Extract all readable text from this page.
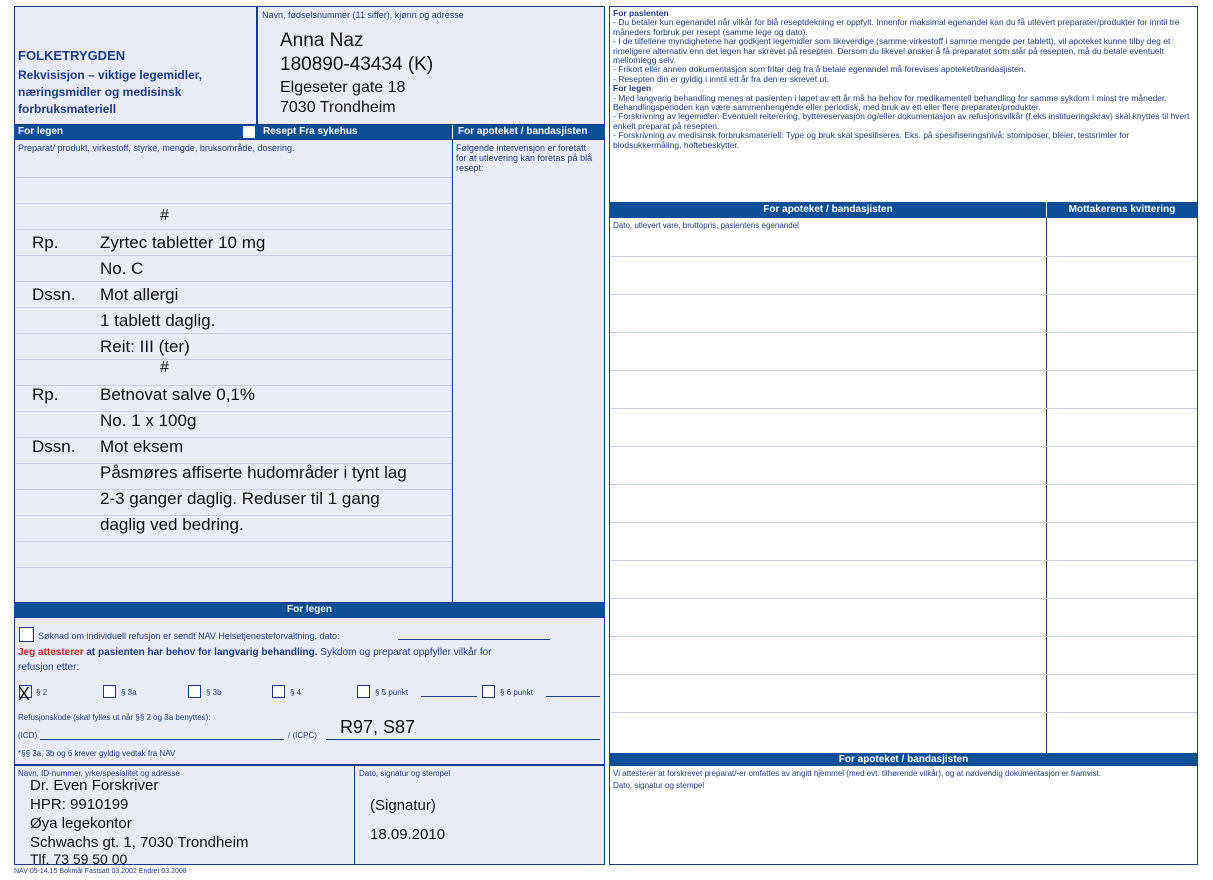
FOLKETRYGDEN
Rekvisisjon – viktige legemidler,
næringsmidler og medisinsk
forbruksmateriell
Navn, fødselsnummer (11 siffer), kjønn og adresse
Anna Naz
180890-43434 (K)
Elgeseter gate 18
7030 Trondheim
For legen	Resept Fra sykehus	For apoteket / bandasjisten
Preparat/ produkt, virkestoff, styrke, mengde, bruksområde, dosering.	Følgende intervensjon er foretatt for at utlevering kan foretas på blå resept:
#
Rp. Zyrtec tabletter 10 mg
No. C
Dssn. Mot allergi
1 tablett daglig.
Reit: III (ter)
#
Rp. Betnovat salve 0,1%
No. 1 x 100g
Dssn. Mot eksem
Påsmøres affiserte hudområder i tynt lag
2-3 ganger daglig. Reduser til 1 gang
daglig ved bedring.
For legen
Søknad om individuell refusjon er sendt NAV Helsetjenesteforvaltning, dato:
Jeg attesterer at pasienten har behov for langvarig behandling. Sykdom og preparat oppfyller vilkår for
refusjon etter:
X § 2	§ 3a	§ 3b	§ 4	§ 5 punkt	§ 6 punkt
Refusjonskode (skal fylles ut når §§ 2 og 3a benyttes):
(ICD)	/ (ICPC) R97, S87
*§§ 3a, 3b og 6 krever gyldig vedtak fra NAV
Navn, ID-nummer, yrke/spesialitet og adresse	Dato, signatur og stempel
Dr. Even Forskriver
HPR: 9910199
Øya legekontor
Schwachs gt. 1, 7030 Trondheim
Tlf. 73 59 50 00
(Signatur)
18.09.2010
NAV 05-14.15 Bokmål Fastsatt 03.2002 Endret 03.2008

For pasienten

- Du betaler kun egenandel når vilkår for blå reseptdekning er oppfylt. Innenfor maksimal egenandel kan du få utlevert preparater/produkter for inntil tre måneders forbruk per resept (samme lege og dato).

- I de tilfellene myndighetene har godkjent legemidler som likeverdige (samme virkestoff i samme mengde per tablett), vil apoteket kunne tilby deg et rimeligere alternativ enn det legen har skrevet på resepten. Dersom du likevel ønsker å få preparatet som står på resepten, må du betale eventuelt mellomlegg selv.

- Frikort eller annen dokumentasjon som fritar deg fra å betale egenandel må forevises apoteket/bandasjisten.

- Resepten din er gyldig i inntil ett år fra den er skrevet ut.

For legen

- Med langvarig behandling menes at pasienten i løpet av ett år må ha behov for medikamentell behandling for samme sykdom i minst tre måneder. Behandlingsperioden kan være sammenhengende eller periodisk, med bruk av ett eller flere preparater/produkter.

- Forskrivning av legemidler: Eventuell reiterering, byttereservasjon og/eller dokumentasjon av refusjonsvilkår (f.eks institueringskrav) skal knyttes til hvert enkelt preparat på resepten.

- Forskrivning av medisinsk forbruksmateriell: Type og bruk skal spesifiseres. Eks. på spesifiseringsnivå: stomiposer, bleier, testsrimler for blodsukkermåling, hoftebeskytter.

For apoteket / bandasjisten	Mottakerens kvittering
Dato, utlevert vare, bruttopris, pasientens egenandel
For apoteket / bandasjisten
Vi attesterer at forskrevet preparat/-er omfattes av angitt hjemmel (med evt. tilhørende vilkår), og at nødvendig dokumentasjon er framvist.
Dato, signatur og stempel
